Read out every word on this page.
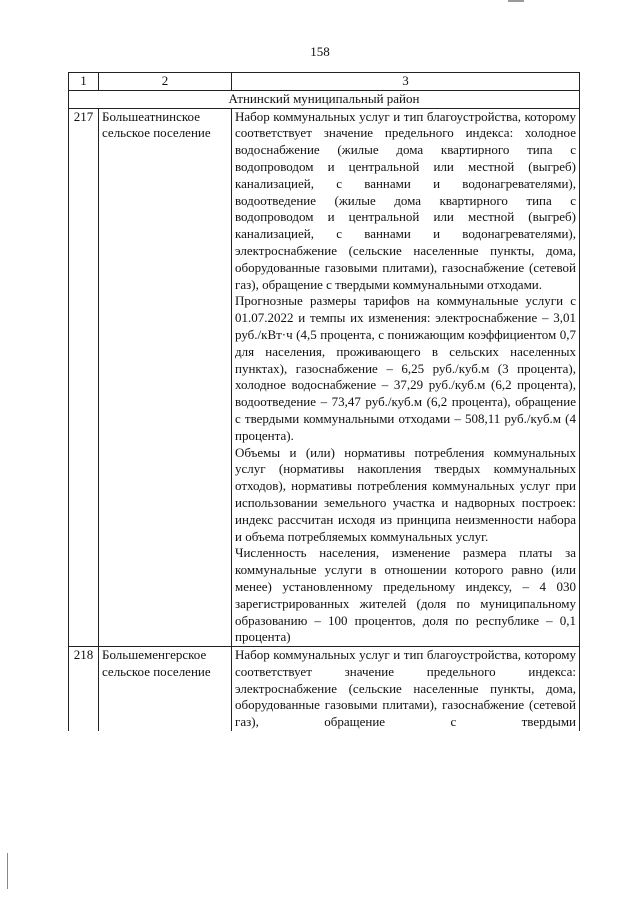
158
1	2	3
Атнинский муниципальный район		
217	Большеатнинское сельское поселение	Набор коммунальных услуг и тип благоустройства, которому соответствует значение предельного индекса: холодное водоснабжение (жилые дома квартирного типа с водопроводом и центральной или местной (выгреб) канализацией, с ваннами и водонагревателями), водоотведение (жилые дома квартирного типа с водопроводом и центральной или местной (выгреб) канализацией, с ваннами и водонагревателями), электроснабжение (сельские населенные пункты, дома, оборудованные газовыми плитами), газоснабжение (сетевой газ), обращение с твердыми коммунальными отходами.

Прогнозные размеры тарифов на коммунальные услуги с 01.07.2022 и темпы их изменения: электроснабжение – 3,01 руб./кВт·ч (4,5 процента, с понижающим коэффициентом 0,7 для населения, проживающего в сельских населенных пунктах), газоснабжение – 6,25 руб./куб.м (3 процента), холодное водоснабжение – 37,29 руб./куб.м (6,2 процента), водоотведение – 73,47 руб./куб.м (6,2 процента), обращение с твердыми коммунальными отходами – 508,11 руб./куб.м (4 процента).

Объемы и (или) нормативы потребления коммунальных услуг (нормативы накопления твердых коммунальных отходов), нормативы потребления коммунальных услуг при использовании земельного участка и надворных построек: индекс рассчитан исходя из принципа неизменности набора и объема потребляемых коммунальных услуг.

Численность населения, изменение размера платы за коммунальные услуги в отношении которого равно (или менее) установленному предельному индексу, – 4 030 зарегистрированных жителей (доля по муниципальному образованию – 100 процентов, доля по республике – 0,1 процента)

218	Большеменгерское сельское поселение	Набор коммунальных услуг и тип благоустройства, которому соответствует значение предельного индекса: электроснабжение (сельские населенные пункты, дома, оборудованные газовыми плитами), газоснабжение (сетевой газ), обращение с твердыми
